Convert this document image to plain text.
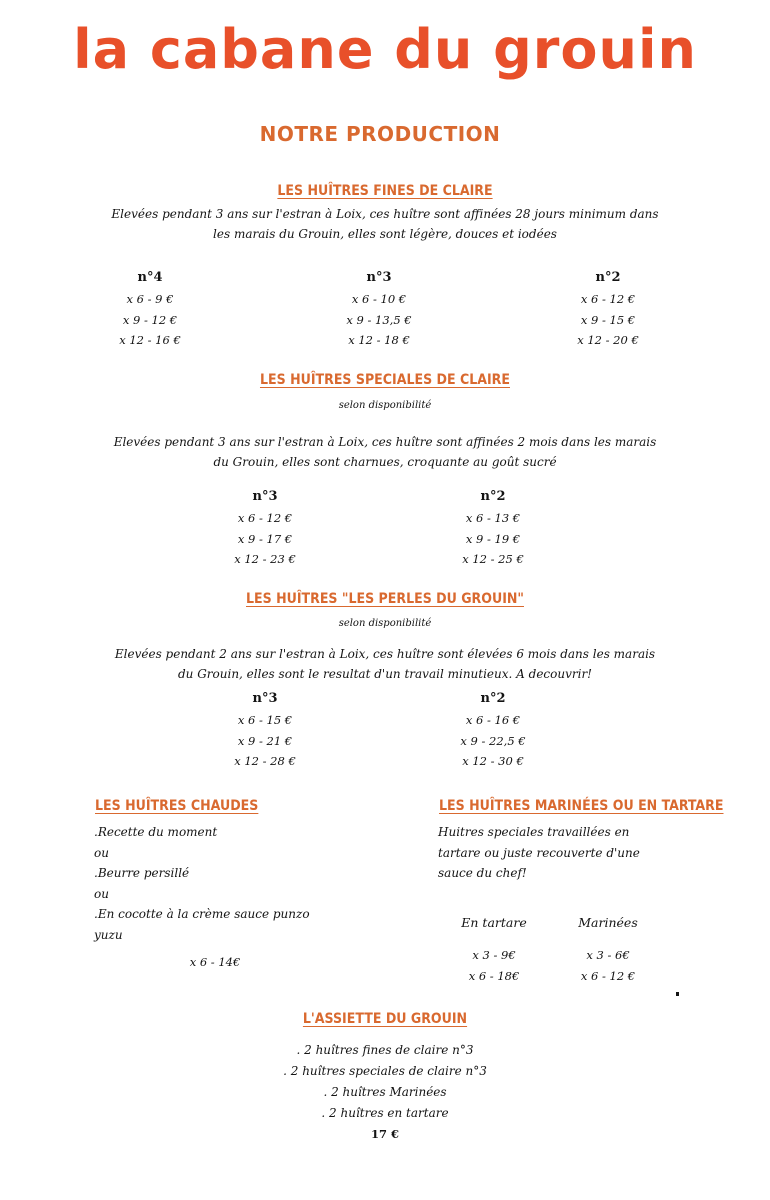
la cabane du grouin
NOTRE PRODUCTION
LES HUÎTRES FINES DE CLAIRE
Elevées pendant 3 ans sur l'estran à Loix, ces huître sont affinées 28 jours minimum dans
les marais du Grouin, elles sont légère, douces et iodées
n°4
x 6 - 9 €
x 9 - 12 €
x 12 - 16 €
n°3
x 6 - 10 €
x 9 - 13,5 €
x 12 - 18 €
n°2
x 6 - 12 €
x 9 - 15 €
x 12 - 20 €
LES HUÎTRES SPECIALES DE CLAIRE
selon disponibilité
Elevées pendant 3 ans sur l'estran à Loix, ces huître sont affinées 2 mois dans les marais
du Grouin, elles sont charnues, croquante au goût sucré
n°3
x 6 - 12 €
x 9 - 17 €
x 12 - 23 €
n°2
x 6 - 13 €
x 9 - 19 €
x 12 - 25 €
LES HUÎTRES "LES PERLES DU GROUIN"
selon disponibilité
Elevées pendant 2 ans sur l'estran à Loix, ces huître sont élevées 6 mois dans les marais
du Grouin, elles sont le resultat d'un travail minutieux. A decouvrir!
n°3
x 6 - 15 €
x 9 - 21 €
x 12 - 28 €
n°2
x 6 - 16 €
x 9 - 22,5 €
x 12 - 30 €
LES HUÎTRES CHAUDES
.Recette du moment
ou
.Beurre persillé
ou
.En cocotte à la crème sauce punzo
yuzu
x 6 - 14€
LES HUÎTRES MARINÉES OU EN TARTARE
Huitres speciales travaillées en
tartare ou juste recouverte d'une
sauce du chef!
En tartare
x 3 - 9€
x 6 - 18€
Marinées
x 3 - 6€
x 6 - 12 €
L'ASSIETTE DU GROUIN
. 2 huîtres fines de claire n°3
. 2 huîtres speciales de claire n°3
. 2 huîtres Marinées
. 2 huîtres en tartare
17 €
